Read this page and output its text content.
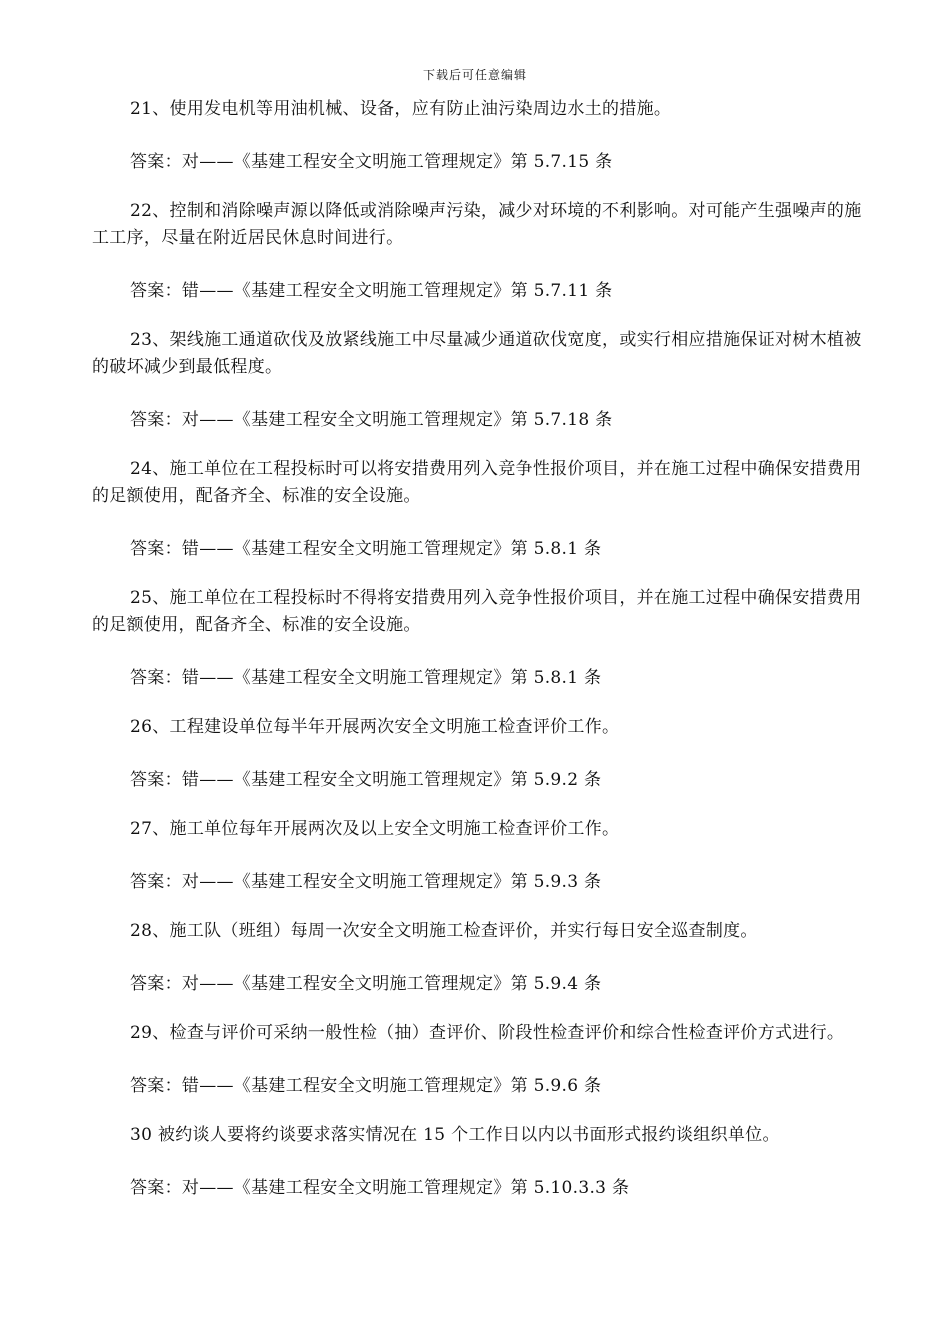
下载后可任意编辑

21、使用发电机等用油机械、设备，应有防止油污染周边水土的措施。

答案：对——《基建工程安全文明施工管理规定》第 5.7.15 条

22、控制和消除噪声源以降低或消除噪声污染，减少对环境的不利影响。对可能产生强噪声的施工工序，尽量在附近居民休息时间进行。

答案：错——《基建工程安全文明施工管理规定》第 5.7.11 条

23、架线施工通道砍伐及放紧线施工中尽量减少通道砍伐宽度，或实行相应措施保证对树木植被的破坏减少到最低程度。

答案：对——《基建工程安全文明施工管理规定》第 5.7.18 条

24、施工单位在工程投标时可以将安措费用列入竞争性报价项目，并在施工过程中确保安措费用的足额使用，配备齐全、标准的安全设施。

答案：错——《基建工程安全文明施工管理规定》第 5.8.1 条

25、施工单位在工程投标时不得将安措费用列入竞争性报价项目，并在施工过程中确保安措费用的足额使用，配备齐全、标准的安全设施。

答案：错——《基建工程安全文明施工管理规定》第 5.8.1 条

26、工程建设单位每半年开展两次安全文明施工检查评价工作。

答案：错——《基建工程安全文明施工管理规定》第 5.9.2 条

27、施工单位每年开展两次及以上安全文明施工检查评价工作。

答案：对——《基建工程安全文明施工管理规定》第 5.9.3 条

28、施工队（班组）每周一次安全文明施工检查评价，并实行每日安全巡查制度。

答案：对——《基建工程安全文明施工管理规定》第 5.9.4 条

29、检查与评价可采纳一般性检（抽）查评价、阶段性检查评价和综合性检查评价方式进行。

答案：错——《基建工程安全文明施工管理规定》第 5.9.6 条

30 被约谈人要将约谈要求落实情况在 15 个工作日以内以书面形式报约谈组织单位。

答案：对——《基建工程安全文明施工管理规定》第 5.10.3.3 条
